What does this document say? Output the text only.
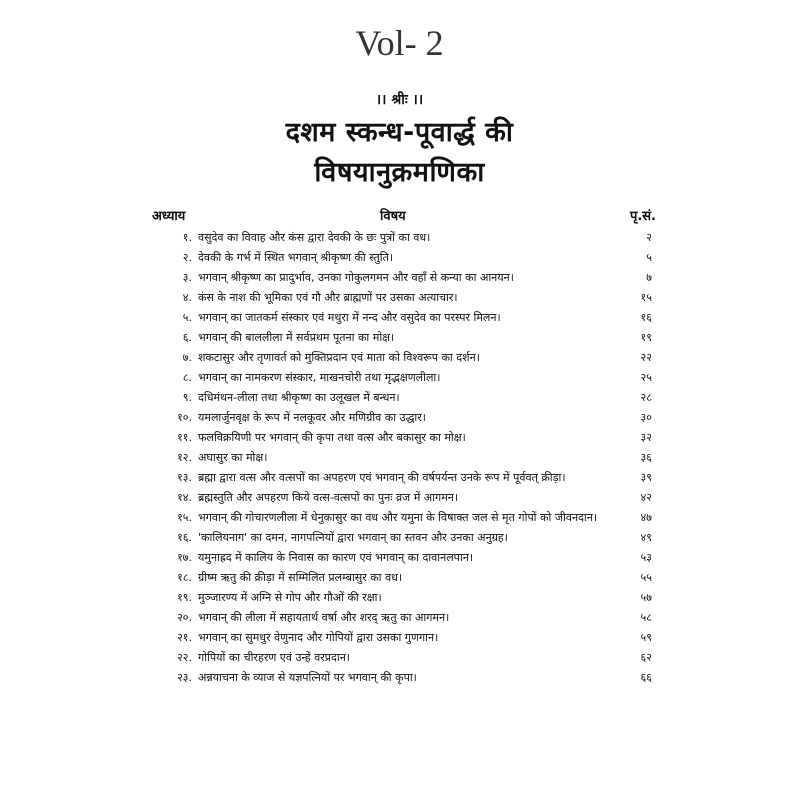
Vol- 2
।। श्रीः ।।
दशम स्कन्ध-पूवार्द्ध की
विषयानुक्रमणिका
अध्याय	विषय	पृ.सं.
१. वसुदेव का विवाह और कंस द्वारा देवकी के छः पुत्रों का वध।	२
२. देवकी के गर्भ में स्थित भगवान् श्रीकृष्ण की स्तुति।	५
३. भगवान् श्रीकृष्ण का प्रादुर्भाव, उनका गोकुलगमन और वहाँ से कन्या का आनयन।	७
४. कंस के नाश की भूमिका एवं गौ और ब्राह्मणों पर उसका अत्याचार।	१५
५. भगवान् का जातकर्म संस्कार एवं मथुरा में नन्द और वसुदेव का परस्पर मिलन।	१६
६. भगवान् की बाललीला में सर्वप्रथम पूतना का मोक्ष।	१९
७. शकटासुर और तृणावर्त को मुक्तिप्रदान एवं माता को विश्वरूप का दर्शन।	२२
८. भगवान् का नामकरण संस्कार, माखनचोरी तथा मृद्भक्षणलीला।	२५
९. दधिमंथन-लीला तथा श्रीकृष्ण का उलूखल में बन्धन।	२८
१०. यमलार्जुनवृक्ष के रूप में नलकूवर और मणिग्रीव का उद्धार।	३०
११. फलविक्रयिणी पर भगवान् की कृपा तथा वत्स और बकासुर का मोक्ष।	३२
१२. अघासुर का मोक्ष।	३६
१३. ब्रह्मा द्वारा वत्स और वत्सपों का अपहरण एवं भगवान् की वर्षपर्यन्त उनके रूप में पूर्ववत् क्रीड़ा।	३९
१४. ब्रह्मस्तुति और अपहरण किये वत्स-वत्सपों का पुनः व्रज में आगमन।	४२
१५. भगवान् की गोचारणलीला में धेनुकासुर का वध और यमुना के विषाक्त जल से मृत गोपों को जीवनदान।	४७
१६. 'कालियनाग' का दमन, नागपत्नियों द्वारा भगवान् का स्तवन और उनका अनुग्रह।	४९
१७. यमुनाह्रद में कालिय के निवास का कारण एवं भगवान् का दावानलपान।	५३
१८. ग्रीष्म ऋतु की क्रीड़ा में सम्मिलित प्रलम्बासुर का वध।	५५
१९. मुञ्जारण्य में अग्नि से गोप और गौओं की रक्षा।	५७
२०. भगवान् की लीला में सहायतार्थ वर्षा और शरद् ऋतु का आगमन।	५८
२१. भगवान् का सुमधुर वेणुनाद और गोपियों द्वारा उसका गुणगान।	५९
२२. गोपियों का चीरहरण एवं उन्हें वरप्रदान।	६२
२३. अन्नयाचना के व्याज से यज्ञपत्नियों पर भगवान् की कृपा।	६६
